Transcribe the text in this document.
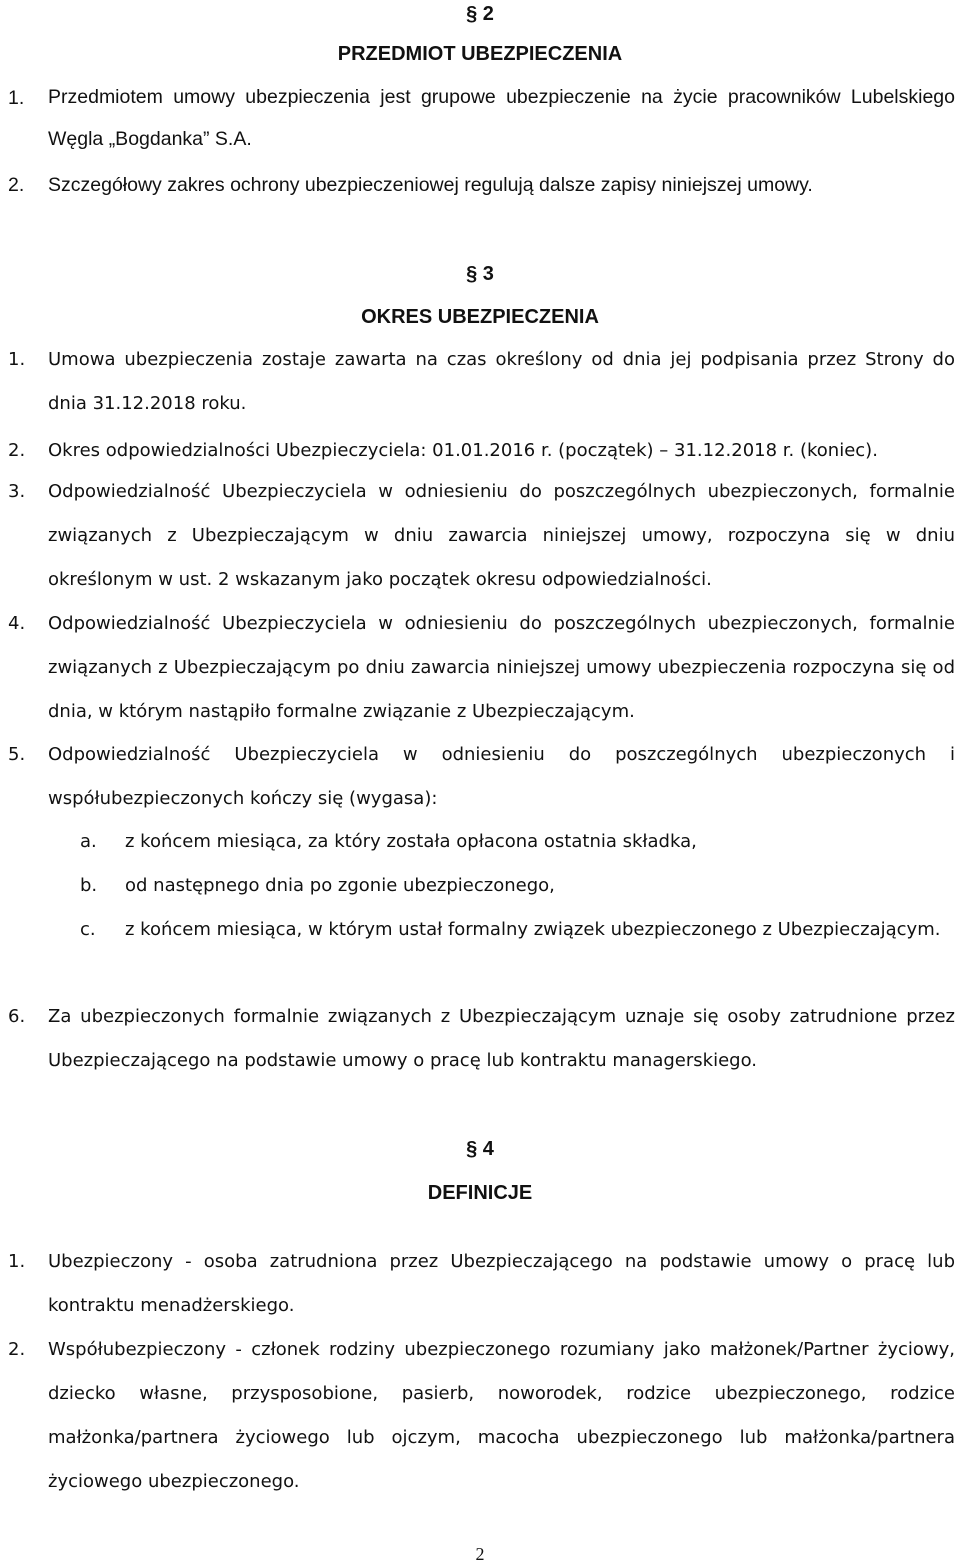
§ 2
PRZEDMIOT UBEZPIECZENIA
1. Przedmiotem umowy ubezpieczenia jest grupowe ubezpieczenie na życie pracowników Lubelskiego Węgla „Bogdanka” S.A.
2. Szczegółowy zakres ochrony ubezpieczeniowej regulują dalsze zapisy niniejszej umowy.
§ 3
OKRES UBEZPIECZENIA
1. Umowa ubezpieczenia zostaje zawarta na czas określony od dnia jej podpisania przez Strony do dnia 31.12.2018 roku.
2. Okres odpowiedzialności Ubezpieczyciela: 01.01.2016 r. (początek) – 31.12.2018 r. (koniec).
3. Odpowiedzialność Ubezpieczyciela w odniesieniu do poszczególnych ubezpieczonych, formalnie związanych z Ubezpieczającym w dniu zawarcia niniejszej umowy, rozpoczyna się w dniu określonym w ust. 2 wskazanym jako początek okresu odpowiedzialności.
4. Odpowiedzialność Ubezpieczyciela w odniesieniu do poszczególnych ubezpieczonych, formalnie związanych z Ubezpieczającym po dniu zawarcia niniejszej umowy ubezpieczenia rozpoczyna się od dnia, w którym nastąpiło formalne związanie z Ubezpieczającym.
5. Odpowiedzialność Ubezpieczyciela w odniesieniu do poszczególnych ubezpieczonych i współubezpieczonych kończy się (wygasa):
a. z końcem miesiąca, za który została opłacona ostatnia składka,
b. od następnego dnia po zgonie ubezpieczonego,
c. z końcem miesiąca, w którym ustał formalny związek ubezpieczonego z Ubezpieczającym.
6. Za ubezpieczonych formalnie związanych z Ubezpieczającym uznaje się osoby zatrudnione przez Ubezpieczającego na podstawie umowy o pracę lub kontraktu managerskiego.
§ 4
DEFINICJE
1. Ubezpieczony - osoba zatrudniona przez Ubezpieczającego na podstawie umowy o pracę lub kontraktu menadżerskiego.
2. Współubezpieczony - członek rodziny ubezpieczonego rozumiany jako małżonek/Partner życiowy, dziecko własne, przysposobione, pasierb, noworodek, rodzice ubezpieczonego, rodzice małżonka/partnera życiowego lub ojczym, macocha ubezpieczonego lub małżonka/partnera życiowego ubezpieczonego.
2
